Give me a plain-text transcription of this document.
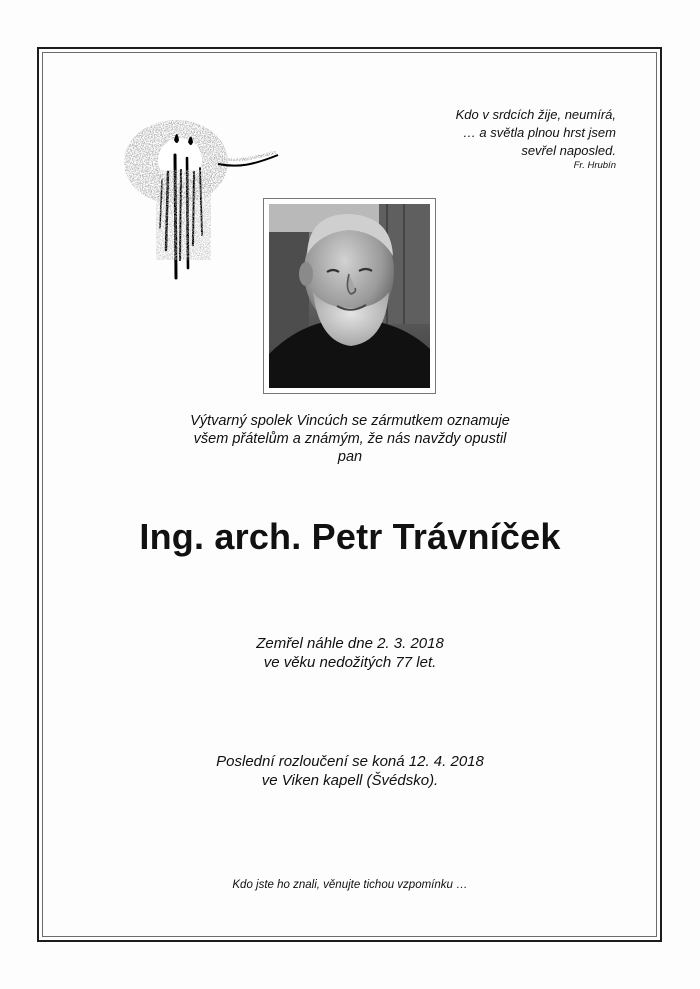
Kdo v srdcích žije, neumírá,
… a světla plnou hrst jsem
sevřel naposled.
Fr. Hrubín
Výtvarný spolek Vincúch se zármutkem oznamuje
všem přátelům a známým, že nás navždy opustil
pan
Ing. arch. Petr Trávníček
Zemřel náhle dne 2. 3. 2018
ve věku nedožitých 77 let.
Poslední rozloučení se koná 12. 4. 2018
ve Viken kapell (Švédsko).
Kdo jste ho znali, věnujte tichou vzpomínku …
